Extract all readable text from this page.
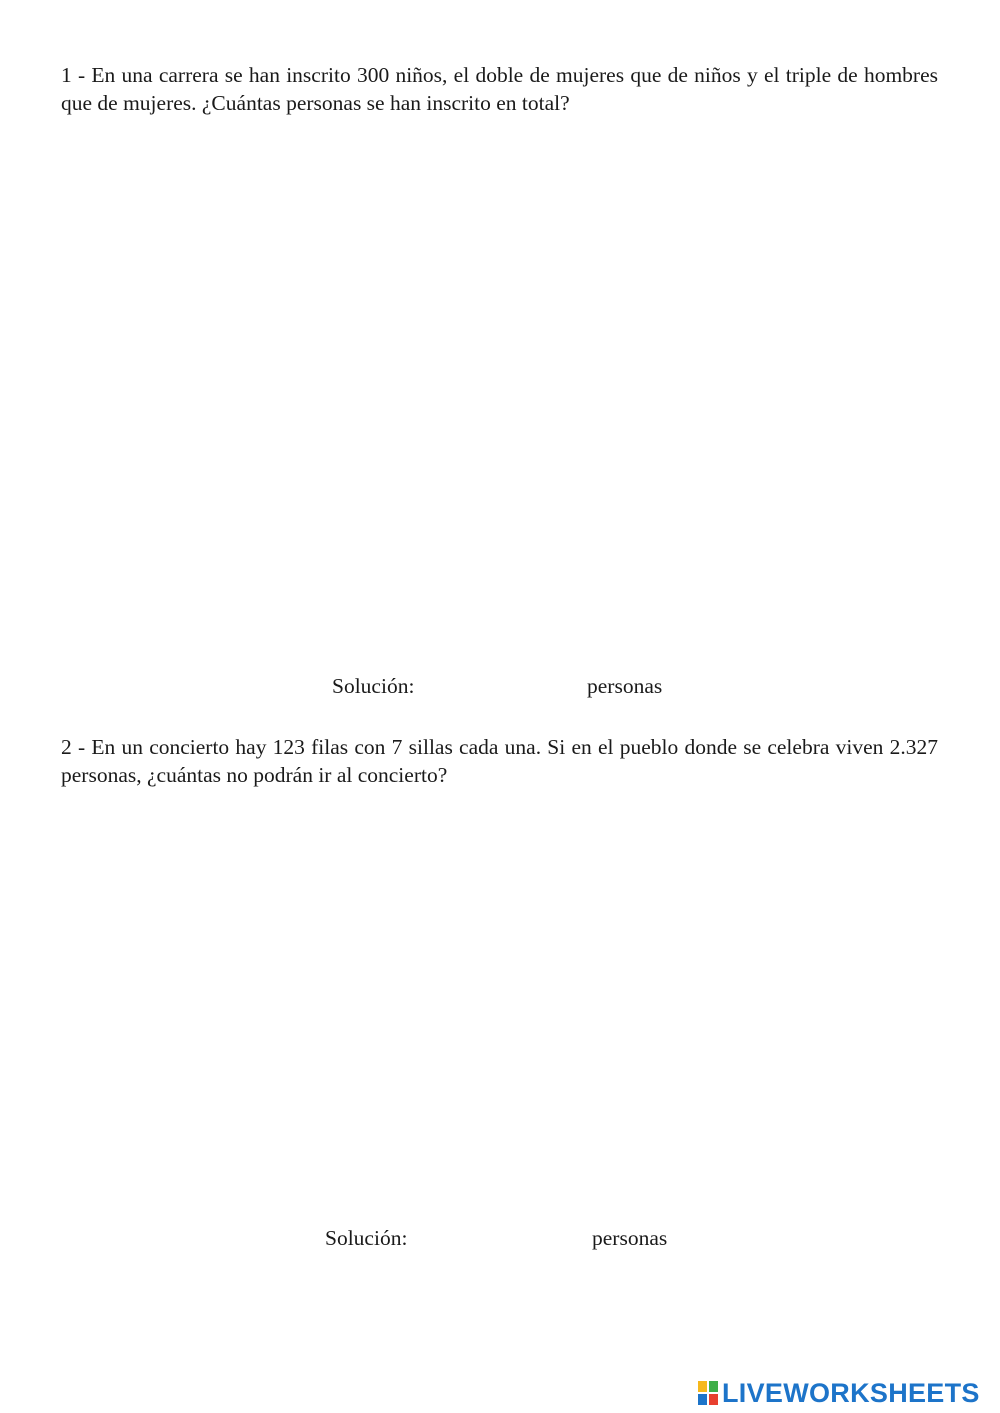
1 - En una carrera se han inscrito 300 niños, el doble de mujeres que de niños y el triple de hombres que de mujeres. ¿Cuántas personas se han inscrito en total?

Solución:	personas

2 - En un concierto hay 123 filas con 7 sillas cada una. Si en el pueblo donde se celebra viven 2.327 personas, ¿cuántas no podrán ir al concierto?

Solución:	personas
LIVEWORKSHEETS
